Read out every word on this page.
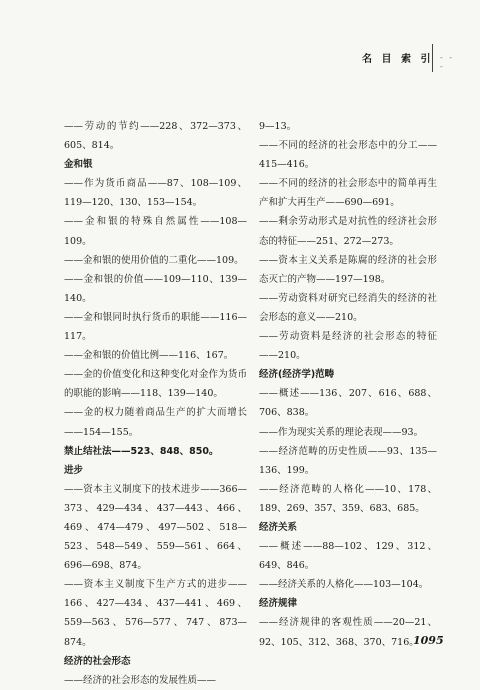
名 目 索 引 - - -
——劳动的节约——228、372—373、605、814。
金和银
——作为货币商品——87、108—109、119—120、130、153—154。
——金和银的特殊自然属性——108—109。
——金和银的使用价值的二重化——109。
——金和银的价值——109—110、139—140。
——金和银同时执行货币的职能——116—117。
——金和银的价值比例——116、167。
——金的价值变化和这种变化对金作为货币的职能的影响——118、139—140。
——金的权力随着商品生产的扩大而增长——154—155。
禁止结社法——523、848、850。
进步
——资本主义制度下的技术进步——366—373、429—434、437—443、466、469、474—479、497—502、518—523、548—549、559—561、664、696—698、874。
——资本主义制度下生产方式的进步——166、427—434、437—441、469、559—563、576—577、747、873—874。
经济的社会形态
——经济的社会形态的发展性质——
9—13。
——不同的经济的社会形态中的分工——415—416。
——不同的经济的社会形态中的简单再生产和扩大再生产——690—691。
——剩余劳动形式是对抗性的经济社会形态的特征——251、272—273。
——资本主义关系是陈腐的经济的社会形态灭亡的产物——197—198。
——劳动资料对研究已经消失的经济的社会形态的意义——210。
——劳动资料是经济的社会形态的特征——210。
经济(经济学)范畴
——概述——136、207、616、688、706、838。
——作为现实关系的理论表现——93。
——经济范畴的历史性质——93、135—136、199。
——经济范畴的人格化——10、178、189、269、357、359、683、685。
经济关系
——概述——88—102、129、312、649、846。
——经济关系的人格化——103—104。
经济规律
——经济规律的客观性质——20—21、92、105、312、368、370、716。
1095
